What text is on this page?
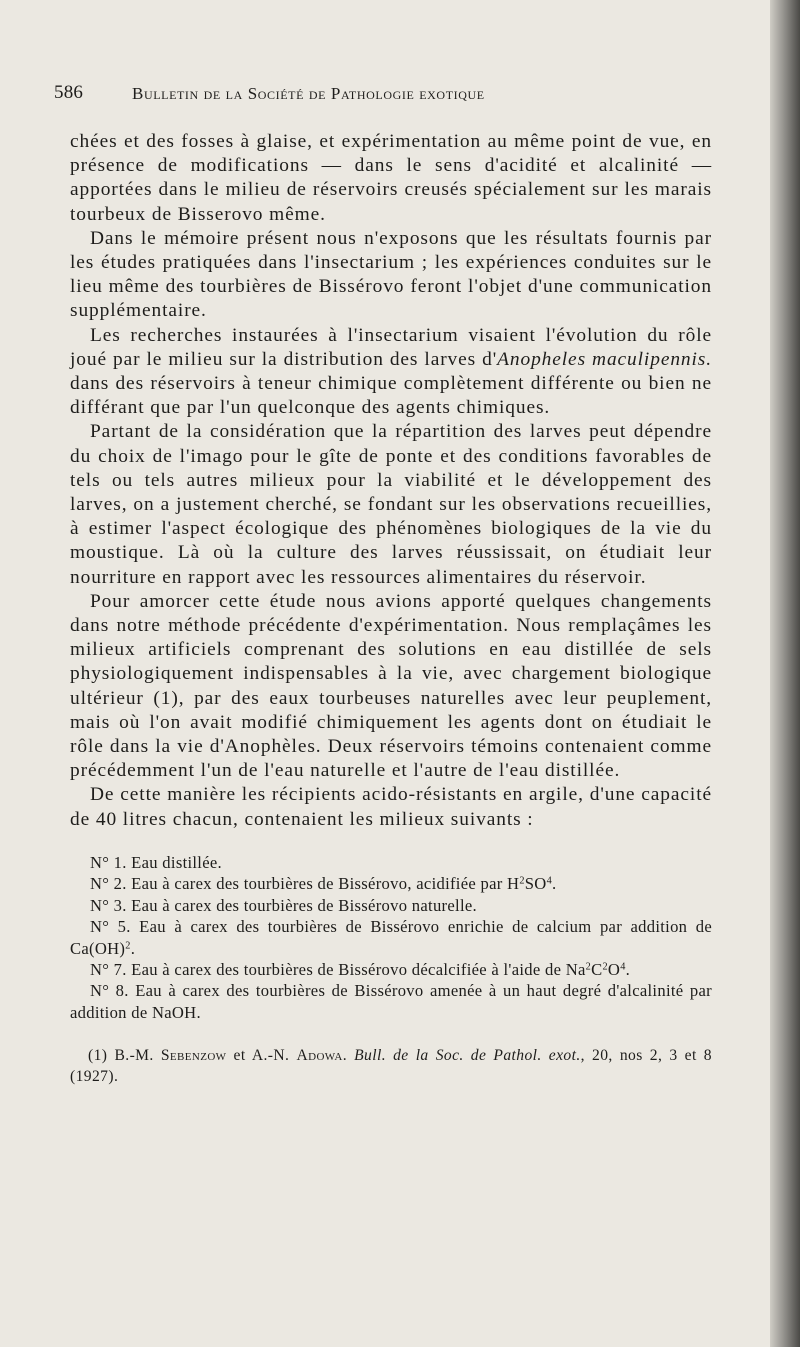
586	Bulletin de la Société de Pathologie exotique

chées et des fosses à glaise, et expérimentation au même point de vue, en présence de modifications — dans le sens d'acidité et alcalinité — apportées dans le milieu de réservoirs creusés spécialement sur les marais tourbeux de Bisserovo même.

Dans le mémoire présent nous n'exposons que les résultats fournis par les études pratiquées dans l'insectarium ; les expériences conduites sur le lieu même des tourbières de Bissérovo feront l'objet d'une communication supplémentaire.

Les recherches instaurées à l'insectarium visaient l'évolution du rôle joué par le milieu sur la distribution des larves d'Anopheles maculipennis. dans des réservoirs à teneur chimique complètement différente ou bien ne différant que par l'un quelconque des agents chimiques.

Partant de la considération que la répartition des larves peut dépendre du choix de l'imago pour le gîte de ponte et des conditions favorables de tels ou tels autres milieux pour la viabilité et le développement des larves, on a justement cherché, se fondant sur les observations recueillies, à estimer l'aspect écologique des phénomènes biologiques de la vie du moustique. Là où la culture des larves réussissait, on étudiait leur nourriture en rapport avec les ressources alimentaires du réservoir.

Pour amorcer cette étude nous avions apporté quelques changements dans notre méthode précédente d'expérimentation. Nous remplaçâmes les milieux artificiels comprenant des solutions en eau distillée de sels physiologiquement indispensables à la vie, avec chargement biologique ultérieur (1), par des eaux tourbeuses naturelles avec leur peuplement, mais où l'on avait modifié chimiquement les agents dont on étudiait le rôle dans la vie d'Anophèles. Deux réservoirs témoins contenaient comme précédemment l'un de l'eau naturelle et l'autre de l'eau distillée.

De cette manière les récipients acido-résistants en argile, d'une capacité de 40 litres chacun, contenaient les milieux suivants :

N° 1. Eau distillée.
N° 2. Eau à carex des tourbières de Bissérovo, acidifiée par $H^2SO^4$.
N° 3. Eau à carex des tourbières de Bissérovo naturelle.
N° 5. Eau à carex des tourbières de Bissérovo enrichie de calcium par addition de Ca(OH)$^2$.
N° 7. Eau à carex des tourbières de Bissérovo décalcifiée à l'aide de $Na^2C^2O^4$.
N° 8. Eau à carex des tourbières de Bissérovo amenée à un haut degré d'alcalinité par addition de NaOH.
(1) B.-M. Sebenzow et A.-N. Adowa. Bull. de la Soc. de Pathol. exot., 20, nos 2, 3 et 8 (1927).
